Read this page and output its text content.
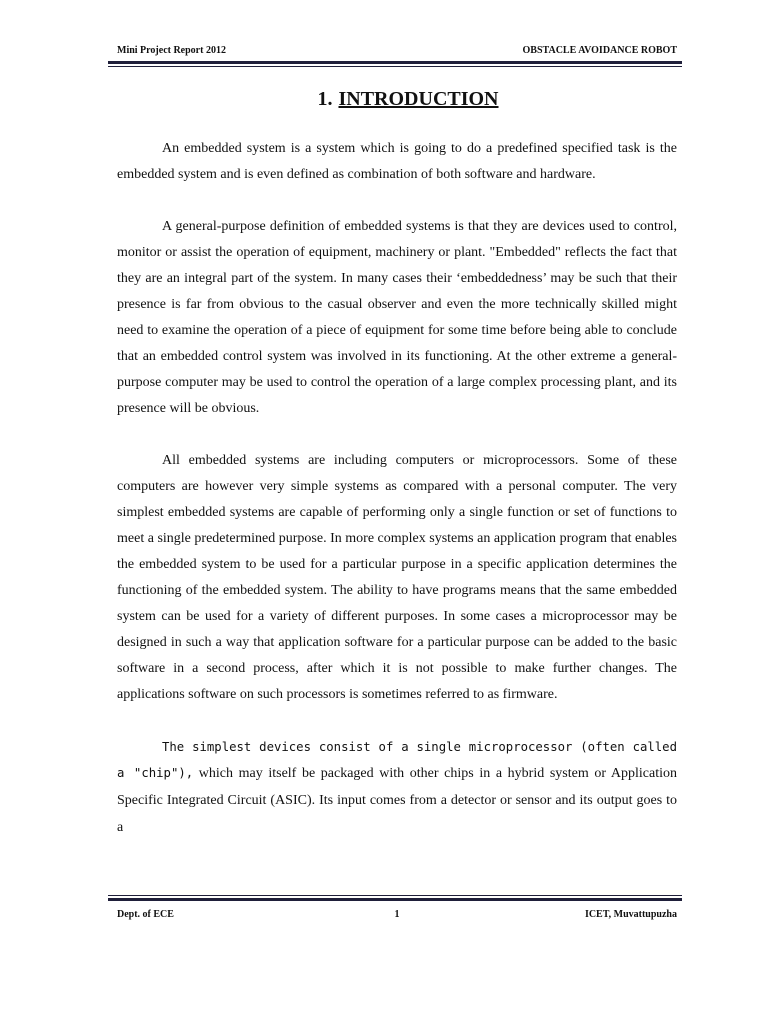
Mini Project Report 2012	OBSTACLE AVOIDANCE ROBOT
1. INTRODUCTION

An embedded system is a system which is going to do a predefined specified task is the embedded system and is even defined as combination of both software and hardware.

A general-purpose definition of embedded systems is that they are devices used to control, monitor or assist the operation of equipment, machinery or plant. "Embedded" reflects the fact that they are an integral part of the system. In many cases their ‘embeddedness’ may be such that their presence is far from obvious to the casual observer and even the more technically skilled might need to examine the operation of a piece of equipment for some time before being able to conclude that an embedded control system was involved in its functioning. At the other extreme a general-purpose computer may be used to control the operation of a large complex processing plant, and its presence will be obvious.

All embedded systems are including computers or microprocessors. Some of these computers are however very simple systems as compared with a personal computer. The very simplest embedded systems are capable of performing only a single function or set of functions to meet a single predetermined purpose. In more complex systems an application program that enables the embedded system to be used for a particular purpose in a specific application determines the functioning of the embedded system. The ability to have programs means that the same embedded system can be used for a variety of different purposes. In some cases a microprocessor may be designed in such a way that application software for a particular purpose can be added to the basic software in a second process, after which it is not possible to make further changes. The applications software on such processors is sometimes referred to as firmware.

The simplest devices consist of a single microprocessor (often called a "chip"), which may itself be packaged with other chips in a hybrid system or Application Specific Integrated Circuit (ASIC). Its input comes from a detector or sensor and its output goes to a

Dept. of ECE	1	ICET, Muvattupuzha
